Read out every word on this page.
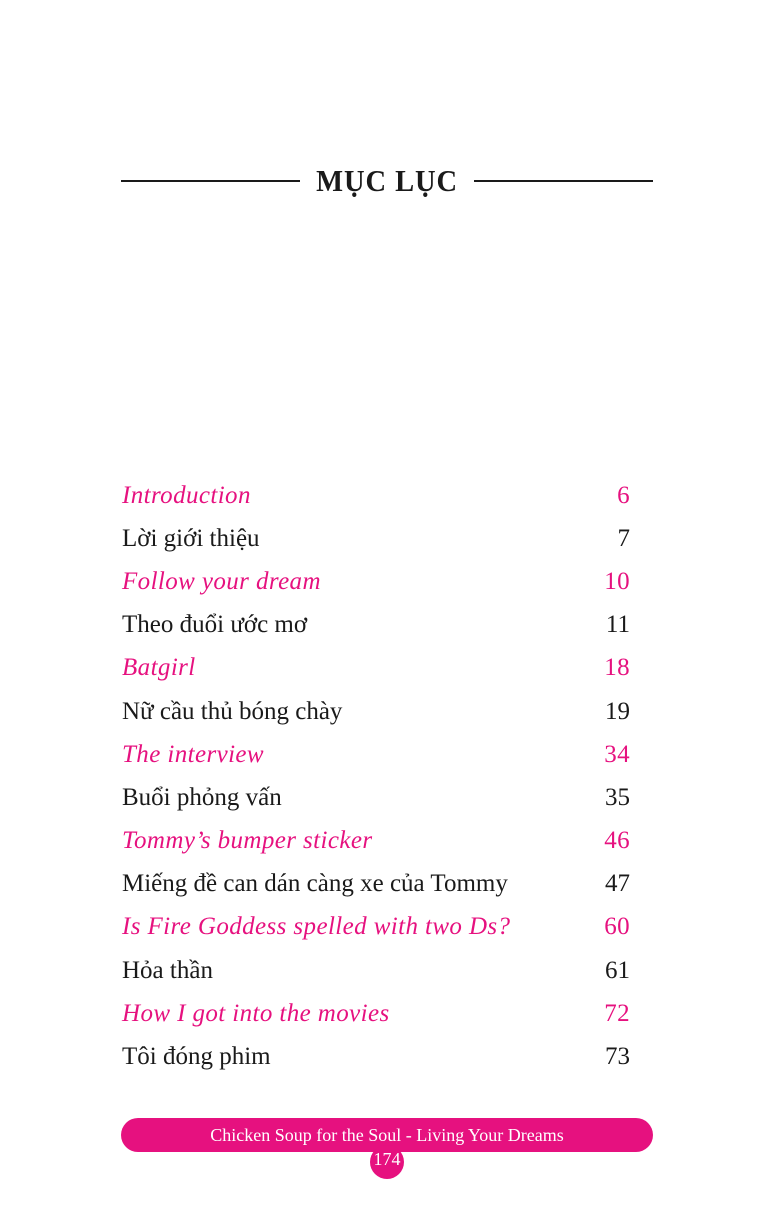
MỤC LỤC
Introduction	6
Lời giới thiệu	7
Follow your dream	10
Theo đuổi ước mơ	11
Batgirl	18
Nữ cầu thủ bóng chày	19
The interview	34
Buổi phỏng vấn	35
Tommy’s bumper sticker	46
Miếng đề can dán càng xe của Tommy	47
Is Fire Goddess spelled with two Ds?	60
Hỏa thần	61
How I got into the movies	72
Tôi đóng phim	73
Chicken Soup for the Soul - Living Your Dreams
174
